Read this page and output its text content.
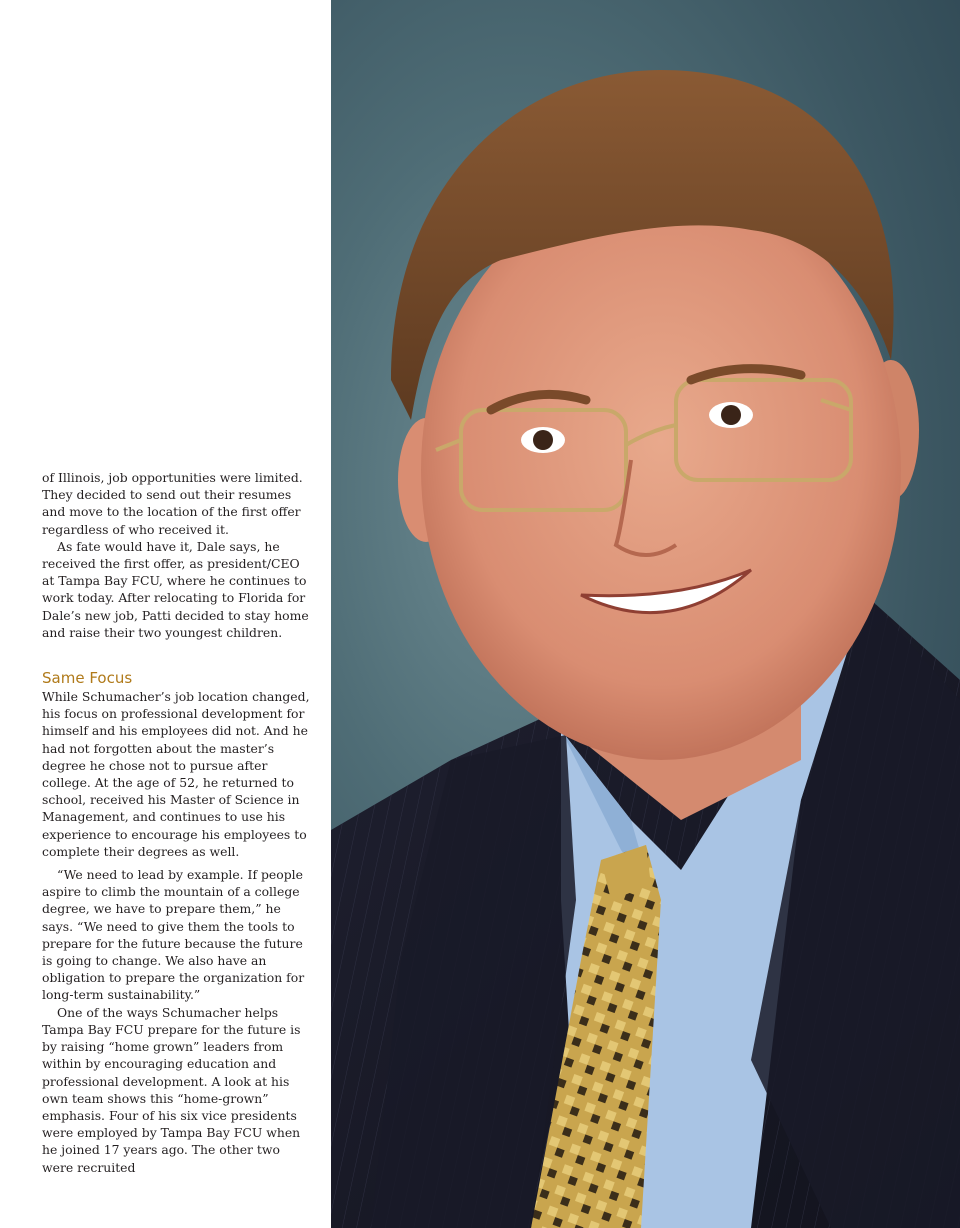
of Illinois, job opportunities were limited. They decided to send out their resumes and move to the location of the first offer regardless of who received it.

As fate would have it, Dale says, he received the first offer, as president/CEO at Tampa Bay FCU, where he continues to work today. After relocating to Florida for Dale’s new job, Patti decided to stay home and raise their two youngest children.

Same Focus

While Schumacher’s job location changed, his focus on professional development for himself and his employees did not. And he had not forgotten about the master’s degree he chose not to pursue after college. At the age of 52, he returned to school, received his Master of Science in Management, and continues to use his experience to encourage his employees to complete their degrees as well.

“We need to lead by example. If people aspire to climb the mountain of a college degree, we have to prepare them,” he says. “We need to give them the tools to prepare for the future because the future is going to change. We also have an obligation to prepare the organization for long-term sustainability.”

One of the ways Schumacher helps Tampa Bay FCU prepare for the future is by raising “home grown” leaders from within by encouraging education and professional development. A look at his own team shows this “home-grown” emphasis. Four of his six vice presidents were employed by Tampa Bay FCU when he joined 17 years ago. The other two were recruited
